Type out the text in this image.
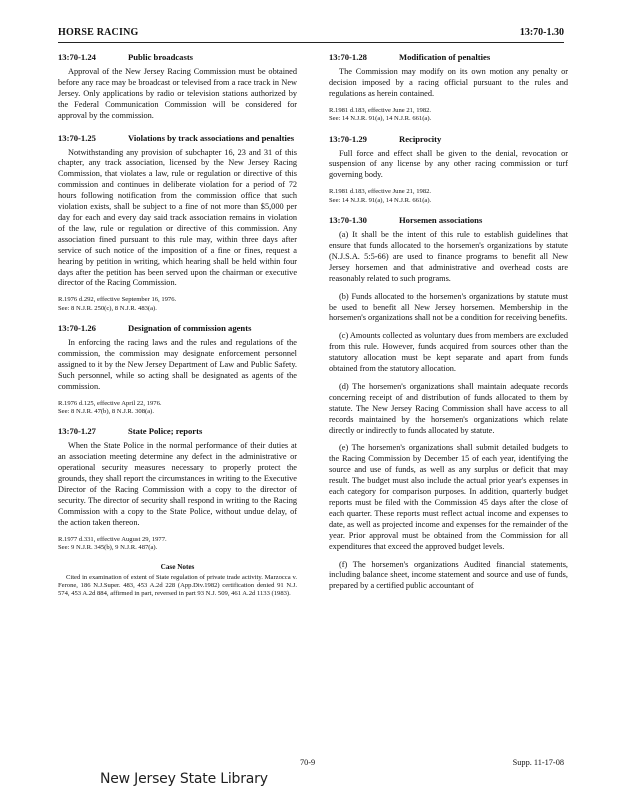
HORSE RACING	13:70-1.30
13:70-1.24	Public broadcasts

Approval of the New Jersey Racing Commission must be obtained before any race may be broadcast or televised from a race track in New Jersey. Only applications by radio or television stations authorized by the Federal Communication Commission will be considered for approval by the commission.

13:70-1.25	Violations by track associations and penalties

Notwithstanding any provision of subchapter 16, 23 and 31 of this chapter, any track association, licensed by the New Jersey Racing Commission, that violates a law, rule or regulation or directive of this commission and continues in deliberate violation for a period of 72 hours following notification from the commission office that such violation exists, shall be subject to a fine of not more than $5,000 per day for each and every day said track association remains in violation of the law, rule or regulation or directive of this commission. Any association fined pursuant to this rule may, within three days after service of such notice of the imposition of a fine or fines, request a hearing by petition in writing, which hearing shall be held within four days after the petition has been served upon the chairman or executive director of the Racing Commission.

R.1976 d.292, effective September 16, 1976.
See: 8 N.J.R. 250(c), 8 N.J.R. 483(a).
13:70-1.26	Designation of commission agents

In enforcing the racing laws and the rules and regulations of the commission, the commission may designate enforcement personnel assigned to it by the New Jersey Department of Law and Public Safety. Such personnel, while so acting shall be designated as agents of the commission.

R.1976 d.125, effective April 22, 1976.
See: 8 N.J.R. 47(b), 8 N.J.R. 308(a).
13:70-1.27	State Police; reports

When the State Police in the normal performance of their duties at an association meeting determine any defect in the administrative or operational security measures necessary to properly protect the grounds, they shall report the circumstances in writing to the Executive Director of the Racing Commission with a copy to the director of security. The director of security shall respond in writing to the Racing Commission with a copy to the State Police, without undue delay, of the action taken thereon.

R.1977 d.331, effective August 29, 1977.
See: 9 N.J.R. 345(b), 9 N.J.R. 487(a).
Case Notes

Cited in examination of extent of State regulation of private trade activity. Marzocca v. Ferone, 186 N.J.Super. 483, 453 A.2d 228 (App.Div.1982) certification denied 91 N.J. 574, 453 A.2d 884, affirmed in part, reversed in part 93 N.J. 509, 461 A.2d 1133 (1983).

13:70-1.28	Modification of penalties

The Commission may modify on its own motion any penalty or decision imposed by a racing official pursuant to the rules and regulations as herein contained.

R.1981 d.183, effective June 21, 1982.
See: 14 N.J.R. 91(a), 14 N.J.R. 661(a).
13:70-1.29	Reciprocity

Full force and effect shall be given to the denial, revocation or suspension of any license by any other racing commission or turf governing body.

R.1981 d.183, effective June 21, 1982.
See: 14 N.J.R. 91(a), 14 N.J.R. 661(a).
13:70-1.30	Horsemen associations

(a) It shall be the intent of this rule to establish guidelines that ensure that funds allocated to the horsemen's organizations by statute (N.J.S.A. 5:5-66) are used to finance programs to benefit all New Jersey horsemen and that administrative and overhead costs are reasonably related to such programs.

(b) Funds allocated to the horsemen's organizations by statute must be used to benefit all New Jersey horsemen. Membership in the horsemen's organizations shall not be a condition for receiving benefits.

(c) Amounts collected as voluntary dues from members are excluded from this rule. However, funds acquired from sources other than the statutory allocation must be kept separate and apart from funds obtained from the statutory allocation.

(d) The horsemen's organizations shall maintain adequate records concerning receipt of and distribution of funds allocated to them by statute. The New Jersey Racing Commission shall have access to all records maintained by the horsemen's organizations which relate directly or indirectly to funds allocated by statute.

(e) The horsemen's organizations shall submit detailed budgets to the Racing Commission by December 15 of each year, identifying the source and use of funds, as well as any surplus or deficit that may result. The budget must also include the actual prior year's expenses in each category for comparison purposes. In addition, quarterly budget reports must be filed with the Commission 45 days after the close of each quarter. These reports must reflect actual income and expenses to date, as well as projected income and expenses for the remainder of the year. Prior approval must be obtained from the Commission for all expenditures that exceed the approved budget levels.

(f) The horsemen's organizations Audited financial statements, including balance sheet, income statement and source and use of funds, prepared by a certified public accountant of

70-9	Supp. 11-17-08
New Jersey State Library
